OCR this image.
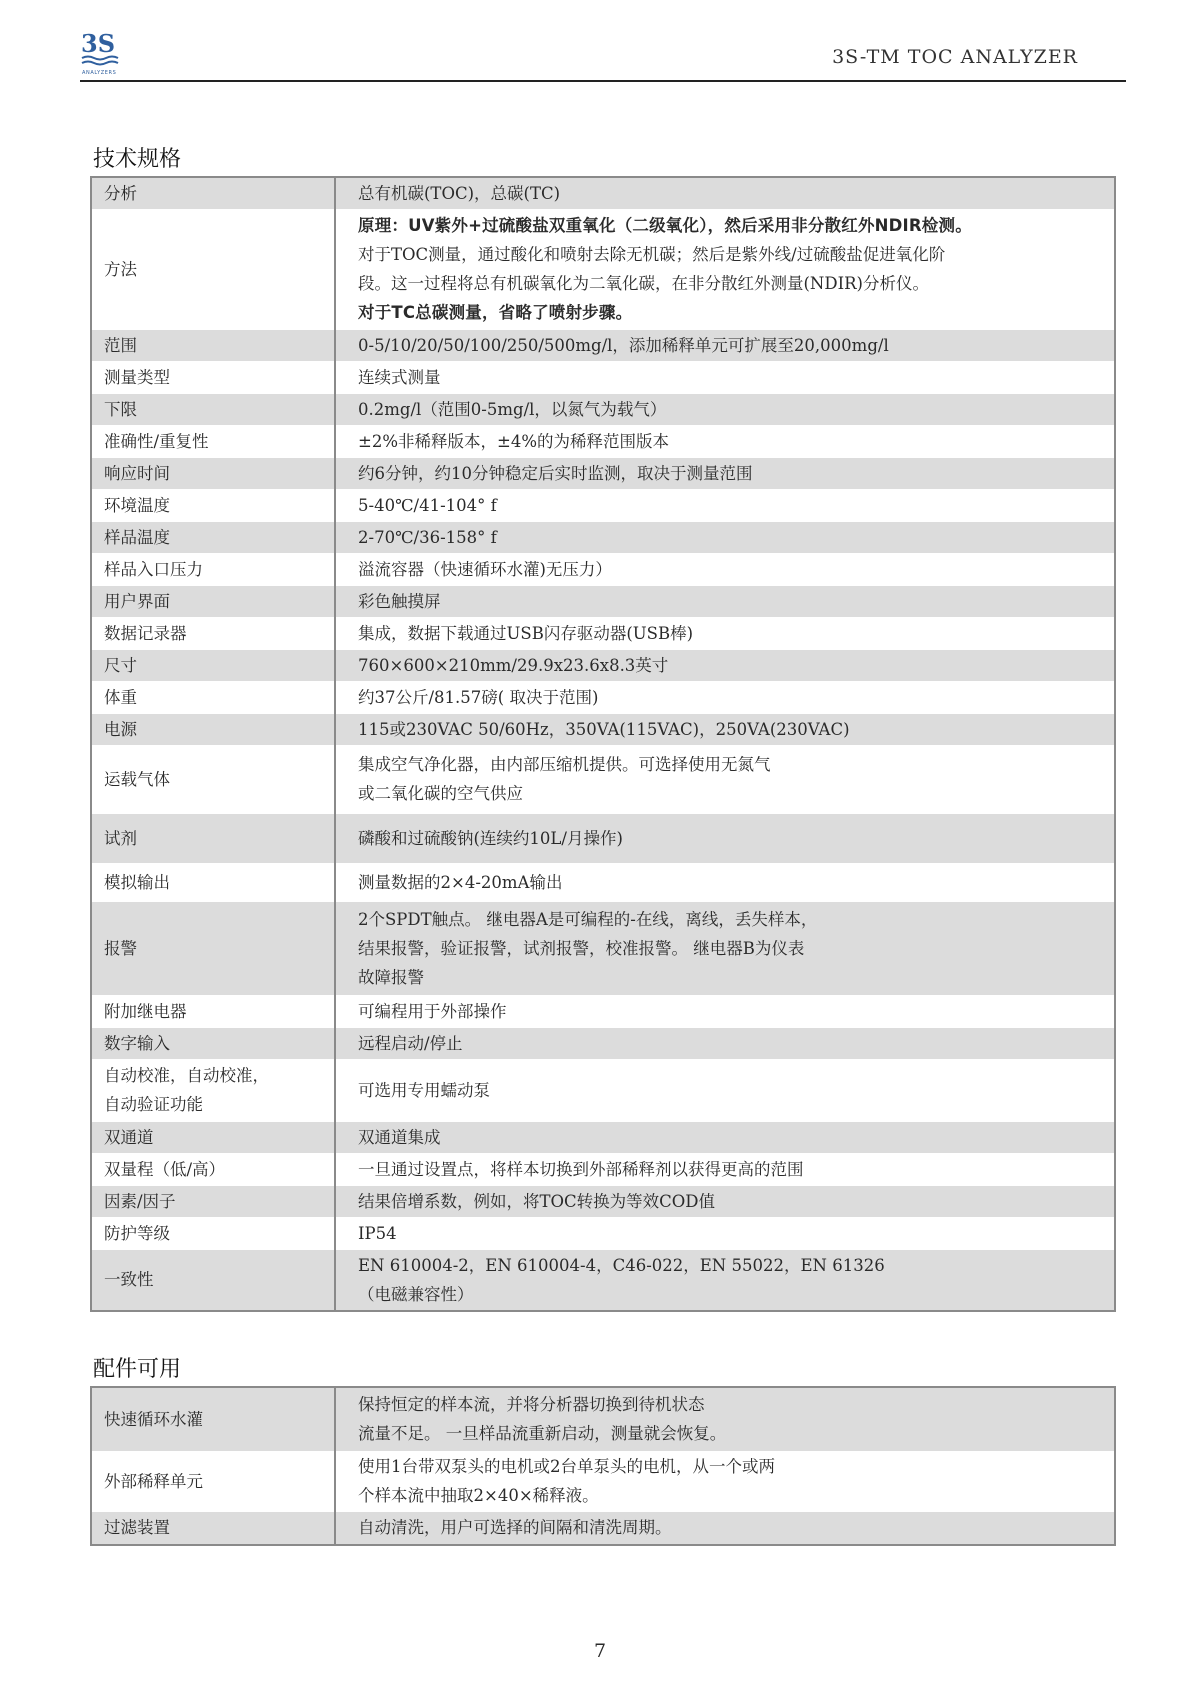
3S
ANALYZERS
3S-TM TOC ANALYZER
技术规格
分析	总有机碳(TOC)，总碳(TC)

方法	原理：UV紫外+过硫酸盐双重氧化（二级氧化），然后采用非分散红外NDIR检测。
对于TOC测量，通过酸化和喷射去除无机碳；然后是紫外线/过硫酸盐促进氧化阶
段。这一过程将总有机碳氧化为二氧化碳，在非分散红外测量(NDIR)分析仪。
对于TC总碳测量，省略了喷射步骤。

范围	0-5/10/20/50/100/250/500mg/l，添加稀释单元可扩展至20,000mg/l

测量类型	连续式测量

下限	0.2mg/l（范围0-5mg/l，以氮气为载气）

准确性/重复性	±2%非稀释版本，±4%的为稀释范围版本

响应时间	约6分钟，约10分钟稳定后实时监测，取决于测量范围

环境温度	5-40℃/41-104° f

样品温度	2-70℃/36-158° f

样品入口压力	溢流容器（快速循环水灌)无压力）

用户界面	彩色触摸屏

数据记录器	集成，数据下载通过USB闪存驱动器(USB棒)

尺寸	760×600×210mm/29.9x23.6x8.3英寸

体重	约37公斤/81.57磅( 取决于范围)

电源	115或230VAC 50/60Hz，350VA(115VAC)，250VA(230VAC)

运载气体	集成空气净化器，由内部压缩机提供。可选择使用无氮气
或二氧化碳的空气供应

试剂	磷酸和过硫酸钠(连续约10L/月操作)

模拟输出	测量数据的2×4-20mA输出

报警	2个SPDT触点。 继电器A是可编程的-在线，离线，丢失样本，
结果报警，验证报警，试剂报警，校准报警。 继电器B为仪表
故障报警

附加继电器	可编程用于外部操作

数字输入	远程启动/停止

自动校准，自动校准，
自动验证功能	可选用专用蠕动泵

双通道	双通道集成

双量程（低/高）	一旦通过设置点，将样本切换到外部稀释剂以获得更高的范围

因素/因子	结果倍增系数，例如，将TOC转换为等效COD值

防护等级	IP54

一致性	EN 610004-2，EN 610004-4，C46-022，EN 55022，EN 61326
（电磁兼容性）
配件可用
快速循环水灌	保持恒定的样本流，并将分析器切换到待机状态
流量不足。 一旦样品流重新启动，测量就会恢复。

外部稀释单元	使用1台带双泵头的电机或2台单泵头的电机，从一个或两
个样本流中抽取2×40×稀释液。

过滤装置	自动清洗，用户可选择的间隔和清洗周期。
7
